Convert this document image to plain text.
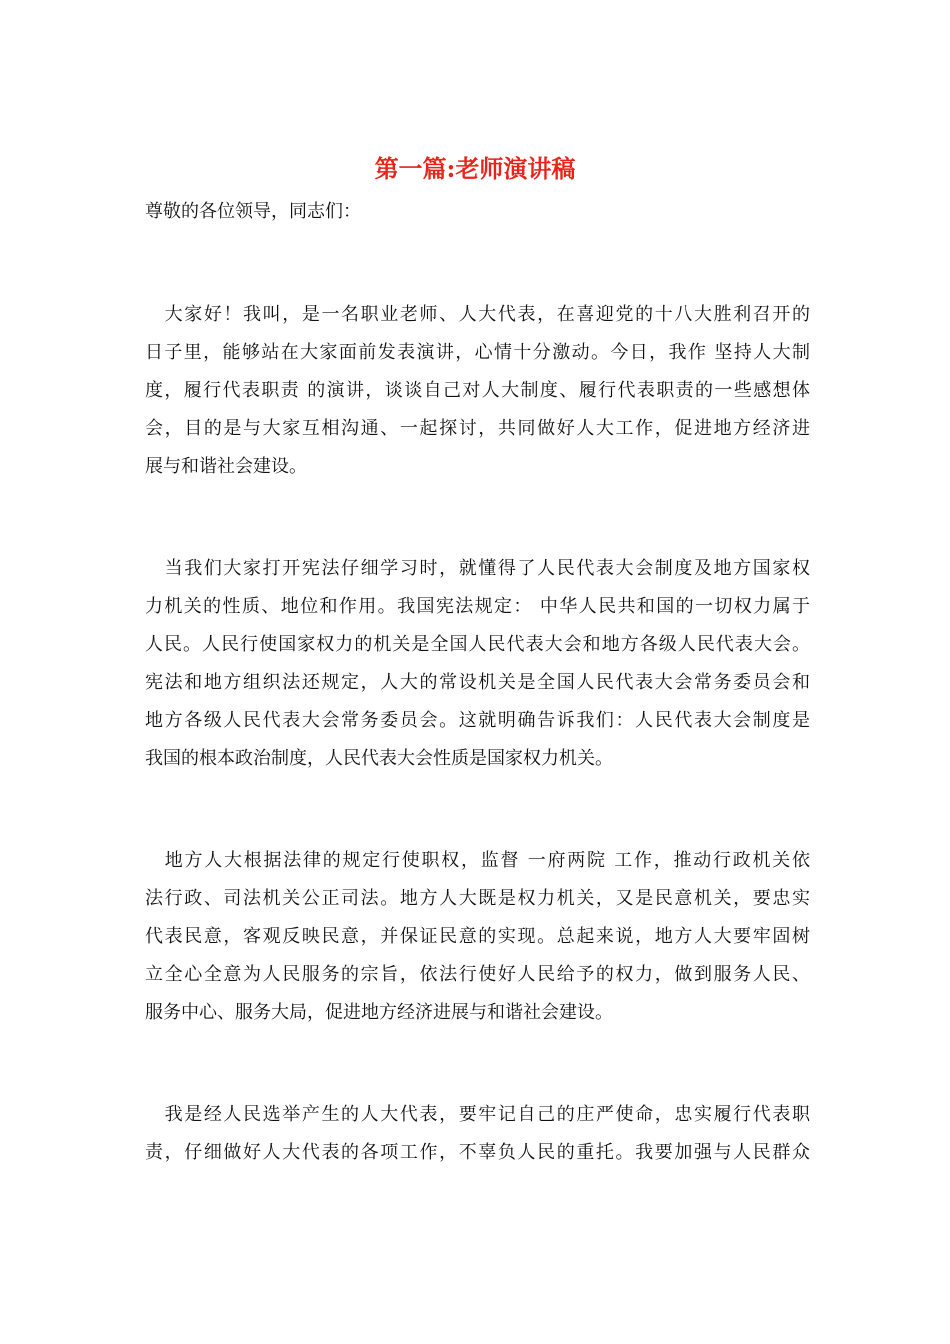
第一篇:老师演讲稿
尊敬的各位领导，同志们：
　大家好！我叫，是一名职业老师、人大代表，在喜迎党的十八大胜利召开的
日子里，能够站在大家面前发表演讲，心情十分激动。今日，我作 坚持人大制
度，履行代表职责 的演讲，谈谈自己对人大制度、履行代表职责的一些感想体
会，目的是与大家互相沟通、一起探讨，共同做好人大工作，促进地方经济进
展与和谐社会建设。
　当我们大家打开宪法仔细学习时，就懂得了人民代表大会制度及地方国家权
力机关的性质、地位和作用。我国宪法规定： 中华人民共和国的一切权力属于
人民。人民行使国家权力的机关是全国人民代表大会和地方各级人民代表大会。
宪法和地方组织法还规定，人大的常设机关是全国人民代表大会常务委员会和
地方各级人民代表大会常务委员会。这就明确告诉我们：人民代表大会制度是
我国的根本政治制度，人民代表大会性质是国家权力机关。
　地方人大根据法律的规定行使职权，监督 一府两院 工作，推动行政机关依
法行政、司法机关公正司法。地方人大既是权力机关，又是民意机关，要忠实
代表民意，客观反映民意，并保证民意的实现。总起来说，地方人大要牢固树
立全心全意为人民服务的宗旨，依法行使好人民给予的权力，做到服务人民、
服务中心、服务大局，促进地方经济进展与和谐社会建设。
　我是经人民选举产生的人大代表，要牢记自己的庄严使命，忠实履行代表职
责，仔细做好人大代表的各项工作，不辜负人民的重托。我要加强与人民群众
